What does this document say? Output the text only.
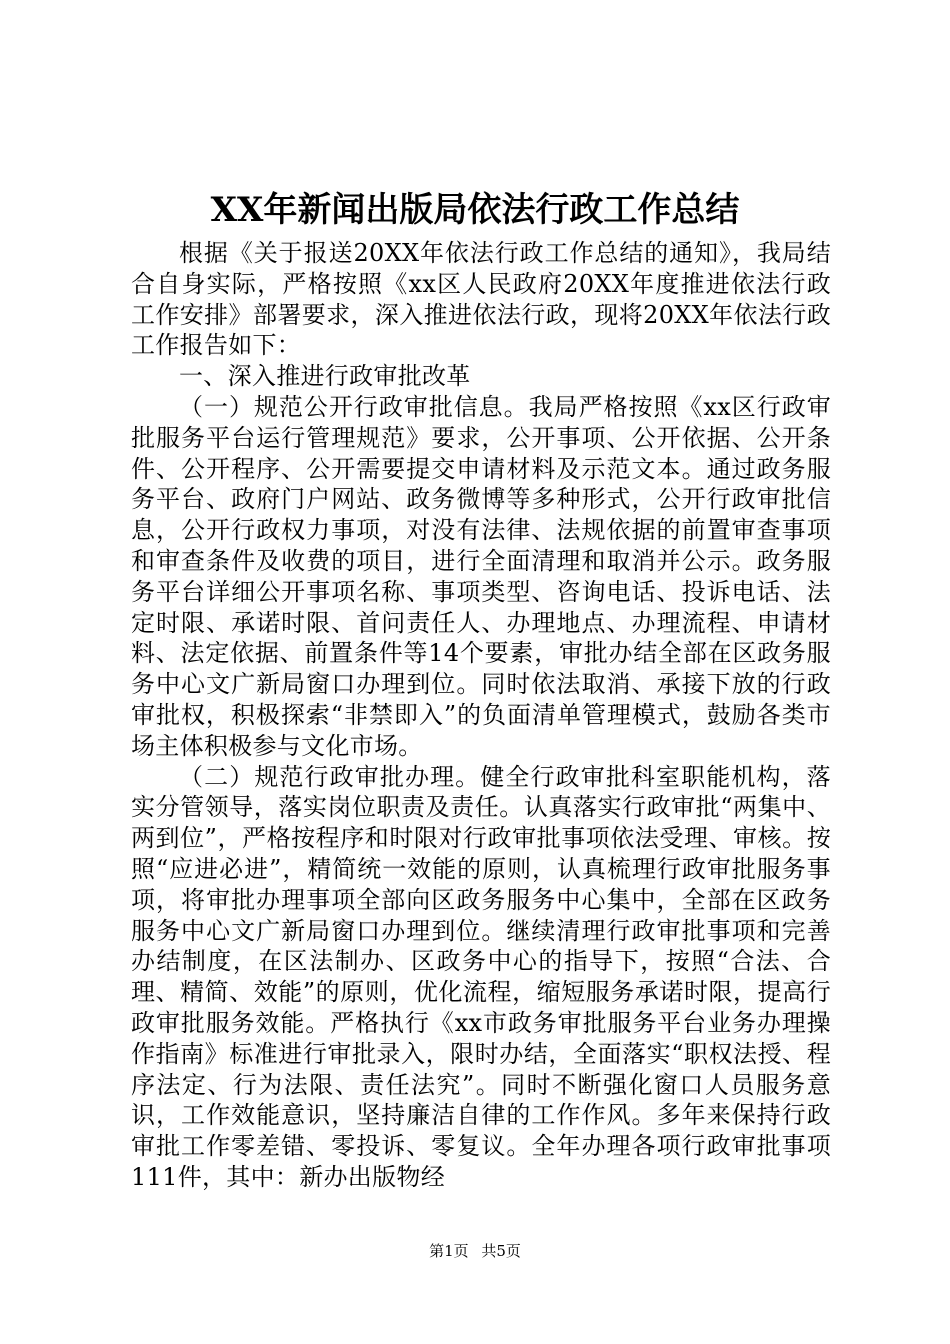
XX年新闻出版局依法行政工作总结

根据《关于报送20XX年依法行政工作总结的通知》，我局结合自身实际，严格按照《xx区人民政府20XX年度推进依法行政工作安排》部署要求，深入推进依法行政，现将20XX年依法行政工作报告如下：

一、深入推进行政审批改革

（一）规范公开行政审批信息。我局严格按照《xx区行政审批服务平台运行管理规范》要求，公开事项、公开依据、公开条件、公开程序、公开需要提交申请材料及示范文本。通过政务服务平台、政府门户网站、政务微博等多种形式，公开行政审批信息，公开行政权力事项，对没有法律、法规依据的前置审查事项和审查条件及收费的项目，进行全面清理和取消并公示。政务服务平台详细公开事项名称、事项类型、咨询电话、投诉电话、法定时限、承诺时限、首问责任人、办理地点、办理流程、申请材料、法定依据、前置条件等14个要素，审批办结全部在区政务服务中心文广新局窗口办理到位。同时依法取消、承接下放的行政审批权，积极探索“非禁即入”的负面清单管理模式，鼓励各类市场主体积极参与文化市场。

（二）规范行政审批办理。健全行政审批科室职能机构，落实分管领导，落实岗位职责及责任。认真落实行政审批“两集中、两到位”，严格按程序和时限对行政审批事项依法受理、审核。按照“应进必进”，精简统一效能的原则，认真梳理行政审批服务事项，将审批办理事项全部向区政务服务中心集中，全部在区政务服务中心文广新局窗口办理到位。继续清理行政审批事项和完善办结制度，在区法制办、区政务中心的指导下，按照“合法、合理、精简、效能”的原则，优化流程，缩短服务承诺时限，提高行政审批服务效能。严格执行《xx市政务审批服务平台业务办理操作指南》标准进行审批录入，限时办结，全面落实“职权法授、程序法定、行为法限、责任法究”。同时不断强化窗口人员服务意识，工作效能意识，坚持廉洁自律的工作作风。多年来保持行政审批工作零差错、零投诉、零复议。全年办理各项行政审批事项111件，其中：新办出版物经

第1页 共5页
